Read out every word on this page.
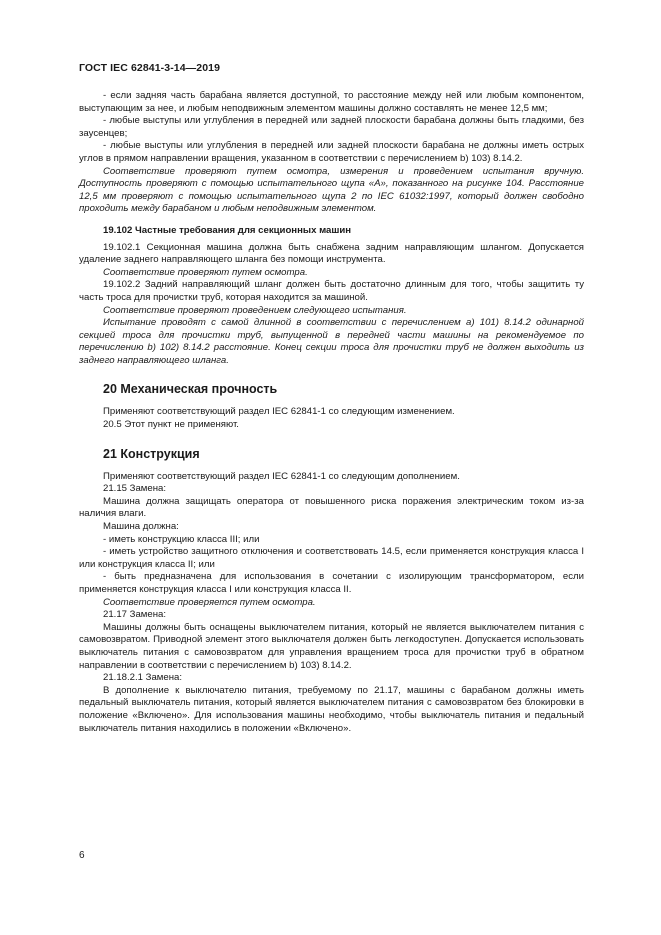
ГОСТ IEC 62841-3-14—2019

- если задняя часть барабана является доступной, то расстояние между ней или любым компонентом, выступающим за нее, и любым неподвижным элементом машины должно составлять не менее 12,5 мм;

- любые выступы или углубления в передней или задней плоскости барабана должны быть гладкими, без заусенцев;

- любые выступы или углубления в передней или задней плоскости барабана не должны иметь острых углов в прямом направлении вращения, указанном в соответствии с перечислением b) 103) 8.14.2.

Соответствие проверяют путем осмотра, измерения и проведением испытания вручную. Доступность проверяют с помощью испытательного щупа «А», показанного на рисунке 104. Расстояние 12,5 мм проверяют с помощью испытательного щупа 2 по IEC 61032:1997, который должен свободно проходить между барабаном и любым неподвижным элементом.

19.102 Частные требования для секционных машин

19.102.1 Секционная машина должна быть снабжена задним направляющим шлангом. Допускается удаление заднего направляющего шланга без помощи инструмента.

Соответствие проверяют путем осмотра.

19.102.2 Задний направляющий шланг должен быть достаточно длинным для того, чтобы защитить ту часть троса для прочистки труб, которая находится за машиной.

Соответствие проверяют проведением следующего испытания.

Испытание проводят с самой длинной в соответствии с перечислением а) 101) 8.14.2 одинарной секцией троса для прочистки труб, выпущенной в передней части машины на рекомендуемое по перечислению b) 102) 8.14.2 расстояние. Конец секции троса для прочистки труб не должен выходить из заднего направляющего шланга.

20 Механическая прочность

Применяют соответствующий раздел IEC 62841-1 со следующим изменением.

20.5 Этот пункт не применяют.

21 Конструкция

Применяют соответствующий раздел IEC 62841-1 со следующим дополнением.

21.15 Замена:

Машина должна защищать оператора от повышенного риска поражения электрическим током из-за наличия влаги.

Машина должна:

- иметь конструкцию класса III; или

- иметь устройство защитного отключения и соответствовать 14.5, если применяется конструкция класса I или конструкция класса II; или

- быть предназначена для использования в сочетании с изолирующим трансформатором, если применяется конструкция класса I или конструкция класса II.

Соответствие проверяется путем осмотра.

21.17 Замена:

Машины должны быть оснащены выключателем питания, который не является выключателем питания с самовозвратом. Приводной элемент этого выключателя должен быть легкодоступен. Допускается использовать выключатель питания с самовозвратом для управления вращением троса для прочистки труб в обратном направлении в соответствии с перечислением b) 103) 8.14.2.

21.18.2.1 Замена:

В дополнение к выключателю питания, требуемому по 21.17, машины с барабаном должны иметь педальный выключатель питания, который является выключателем питания с самовозвратом без блокировки в положение «Включено». Для использования машины необходимо, чтобы выключатель питания и педальный выключатель питания находились в положении «Включено».

6
